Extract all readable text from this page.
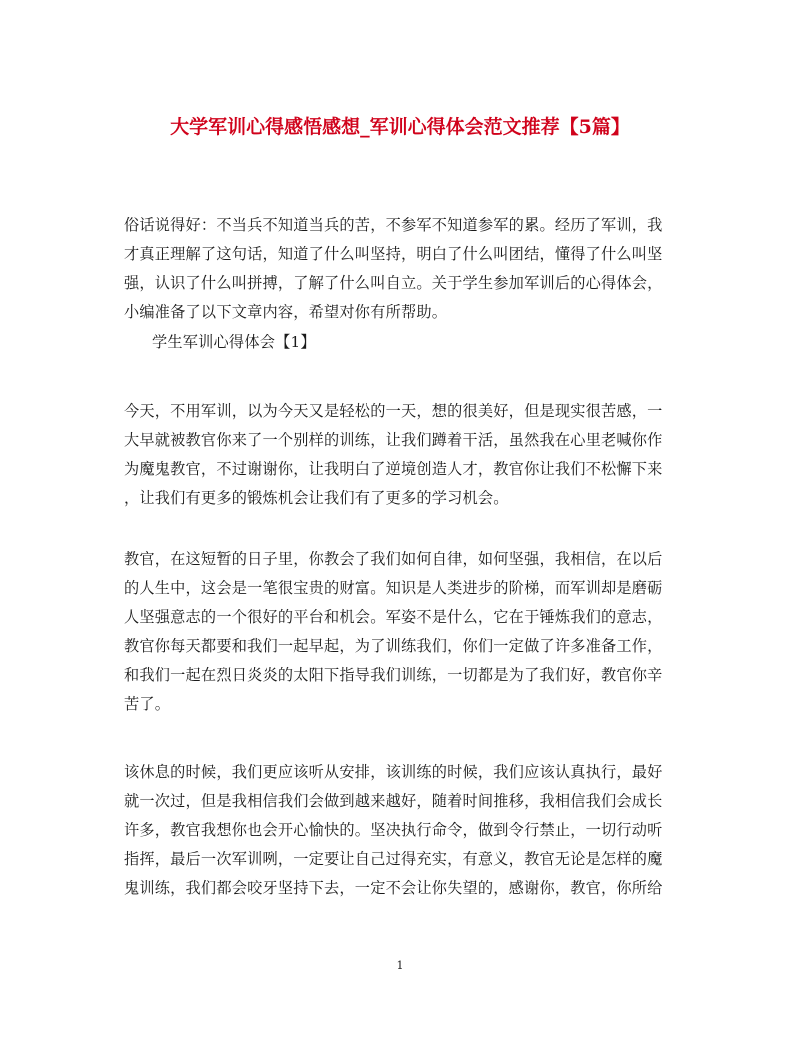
大学军训心得感悟感想_军训心得体会范文推荐【5篇】
俗话说得好：不当兵不知道当兵的苦，不参军不知道参军的累。经历了军训，我
才真正理解了这句话，知道了什么叫坚持，明白了什么叫团结，懂得了什么叫坚
强，认识了什么叫拼搏，了解了什么叫自立。关于学生参加军训后的心得体会，
小编准备了以下文章内容，希望对你有所帮助。
学生军训心得体会【1】
今天，不用军训，以为今天又是轻松的一天，想的很美好，但是现实很苦感，一
大早就被教官你来了一个别样的训练，让我们蹲着干活，虽然我在心里老喊你作
为魔鬼教官，不过谢谢你，让我明白了逆境创造人才，教官你让我们不松懈下来
，让我们有更多的锻炼机会让我们有了更多的学习机会。
教官，在这短暂的日子里，你教会了我们如何自律，如何坚强，我相信，在以后
的人生中，这会是一笔很宝贵的财富。知识是人类进步的阶梯，而军训却是磨砺
人坚强意志的一个很好的平台和机会。军姿不是什么，它在于锤炼我们的意志，
教官你每天都要和我们一起早起，为了训练我们，你们一定做了许多准备工作，
和我们一起在烈日炎炎的太阳下指导我们训练，一切都是为了我们好，教官你辛
苦了。
该休息的时候，我们更应该听从安排，该训练的时候，我们应该认真执行，最好
就一次过，但是我相信我们会做到越来越好，随着时间推移，我相信我们会成长
许多，教官我想你也会开心愉快的。坚决执行命令，做到令行禁止，一切行动听
指挥，最后一次军训咧，一定要让自己过得充实，有意义，教官无论是怎样的魔
鬼训练，我们都会咬牙坚持下去，一定不会让你失望的，感谢你，教官，你所给
1
